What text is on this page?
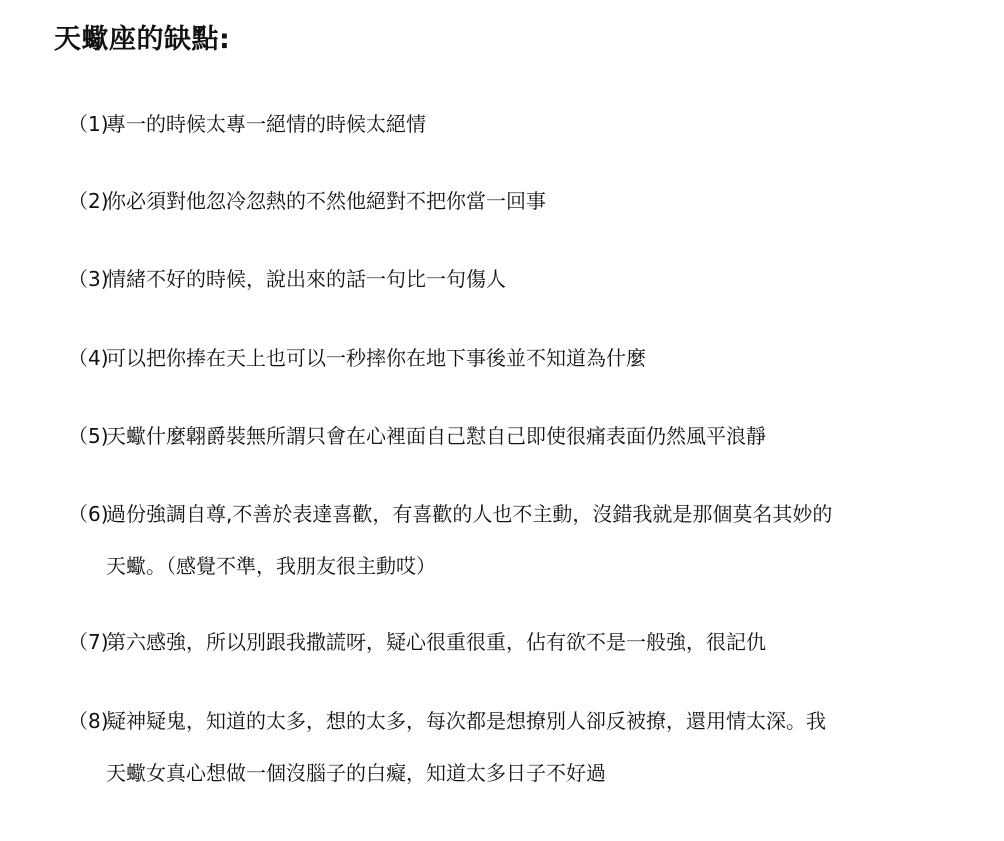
天蠍座的缺點:
（1)
專一的時候太專一絕情的時候太絕情
（2)
你必須對他忽冷忽熱的不然他絕對不把你當一回事
（3)
情緒不好的時候，說出來的話一句比一句傷人
（4)
可以把你捧在天上也可以一秒摔你在地下事後並不知道為什麼
（5)
天蠍什麼翺爵裝無所謂只會在心裡面自己懟自己即使很痛表面仍然風平浪靜
（6)
過份強調自尊,不善於表達喜歡，有喜歡的人也不主動，沒錯我就是那個莫名其妙的
天蠍。（感覺不準，我朋友很主動哎）
（7)
第六感強，所以別跟我撒謊呀，疑心很重很重，佔有欲不是一般強，很記仇
（8)
疑神疑鬼，知道的太多，想的太多，每次都是想撩別人卻反被撩，還用情太深。我
天蠍女真心想做一個沒腦子的白癡，知道太多日子不好過
